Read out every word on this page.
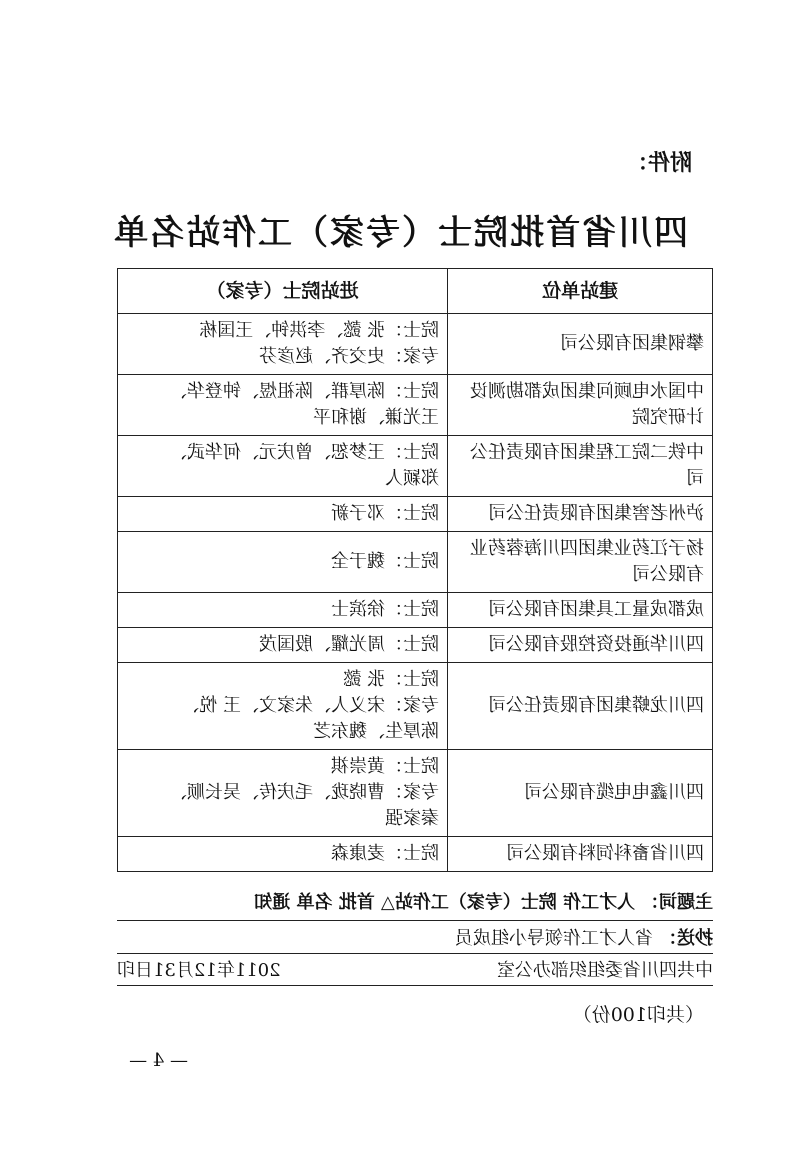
附件：
四川省首批院士（专家）工作站名单
建站单位	进站院士（专家）
攀钢集团有限公司	院士：张 懿、李洪钟、王国栋
专家：史交齐、赵彦芬

中国水电顾问集团成都勘测设计研究院	院士：陈厚群、陈祖煜、钟登华、
王光谦、谢和平

中铁二院工程集团有限责任公司	院士：王梦恕、曾庆元、何华武、
郑颖人

泸州老窖集团有限责任公司	院士：邓子新

扬子江药业集团四川海蓉药业有限公司	院士：魏于全

成都成量工具集团有限公司	院士：徐滨士

四川华通投资控股有限公司	院士：周光耀、殷国茂

四川龙蟒集团有限责任公司	院士：张 懿
专家：宋义人、朱家文、王 悦、
陈厚生、魏东芝

四川鑫电电缆有限公司	院士：黄崇祺
专家：曹晓珑、毛庆传、吴长顺、
秦家强

四川省畜科饲料有限公司	院士：麦康森
主题词：
人才工作 院士（专家）工作站△ 首批 名单 通知
抄送：
省人才工作领导小组成员
中共四川省委组织部办公室
2011年12月31日印
（共印100份）
— 4 —
